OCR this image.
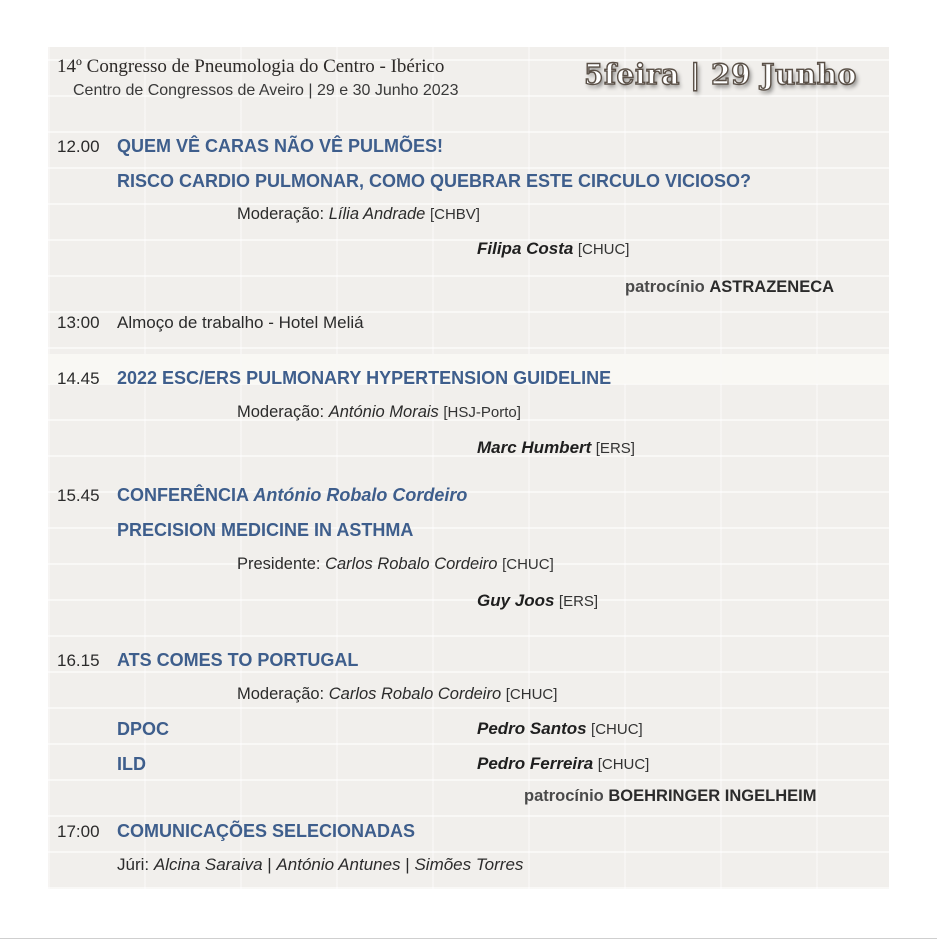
14º Congresso de Pneumologia do Centro - Ibérico
Centro de Congressos de Aveiro | 29 e 30 Junho 2023	5feira | 29 Junho
12.00 QUEM VÊ CARAS NÃO VÊ PULMÕES!
RISCO CARDIO PULMONAR, COMO QUEBRAR ESTE CIRCULO VICIOSO?
Moderação: Lília Andrade [CHBV]
Filipa Costa [CHUC]
patrocínio ASTRAZENECA
13:00 Almoço de trabalho - Hotel Meliá
14.45 2022 ESC/ERS PULMONARY HYPERTENSION GUIDELINE
Moderação: António Morais [HSJ-Porto]
Marc Humbert [ERS]
15.45 CONFERÊNCIA António Robalo Cordeiro
PRECISION MEDICINE IN ASTHMA
Presidente: Carlos Robalo Cordeiro [CHUC]
Guy Joos [ERS]
16.15 ATS COMES TO PORTUGAL
Moderação: Carlos Robalo Cordeiro [CHUC]
DPOC	Pedro Santos [CHUC]
ILD	Pedro Ferreira [CHUC]
patrocínio BOEHRINGER INGELHEIM
17:00 COMUNICAÇÕES SELECIONADAS
Júri: Alcina Saraiva | António Antunes | Simões Torres
